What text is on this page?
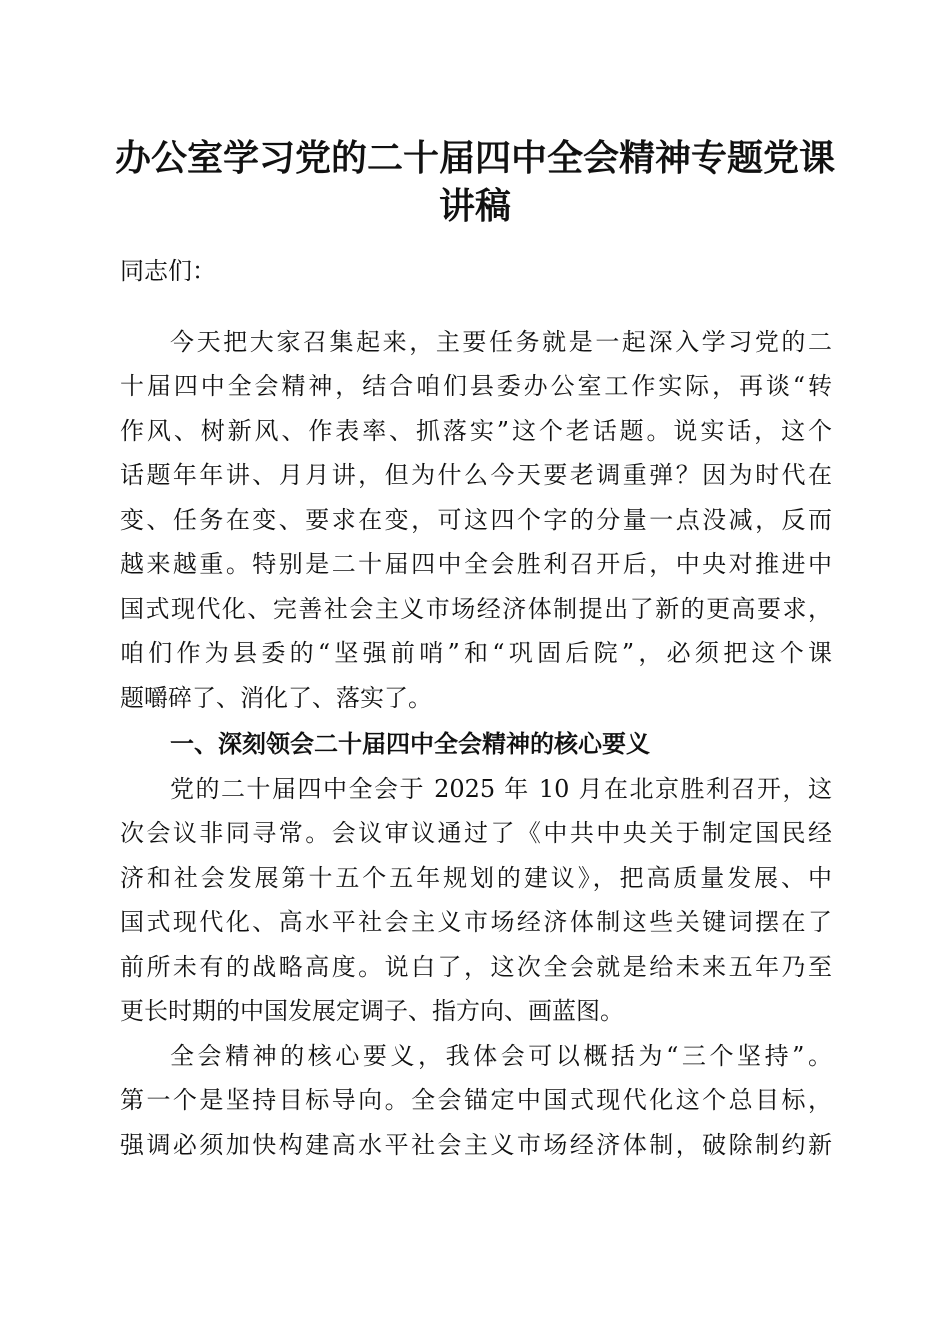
办公室学习党的二十届四中全会精神专题党课
讲稿

同志们：

今天把大家召集起来，主要任务就是一起深入学习党的二

十届四中全会精神，结合咱们县委办公室工作实际，再谈“转

作风、树新风、作表率、抓落实”这个老话题。说实话，这个

话题年年讲、月月讲，但为什么今天要老调重弹？因为时代在

变、任务在变、要求在变，可这四个字的分量一点没减，反而

越来越重。特别是二十届四中全会胜利召开后，中央对推进中

国式现代化、完善社会主义市场经济体制提出了新的更高要求，

咱们作为县委的“坚强前哨”和“巩固后院”，必须把这个课

题嚼碎了、消化了、落实了。

一、深刻领会二十届四中全会精神的核心要义

党的二十届四中全会于 2025 年 10 月在北京胜利召开，这

次会议非同寻常。会议审议通过了《中共中央关于制定国民经

济和社会发展第十五个五年规划的建议》，把高质量发展、中

国式现代化、高水平社会主义市场经济体制这些关键词摆在了

前所未有的战略高度。说白了，这次全会就是给未来五年乃至

更长时期的中国发展定调子、指方向、画蓝图。

全会精神的核心要义，我体会可以概括为“三个坚持”。

第一个是坚持目标导向。全会锚定中国式现代化这个总目标，

强调必须加快构建高水平社会主义市场经济体制，破除制约新
